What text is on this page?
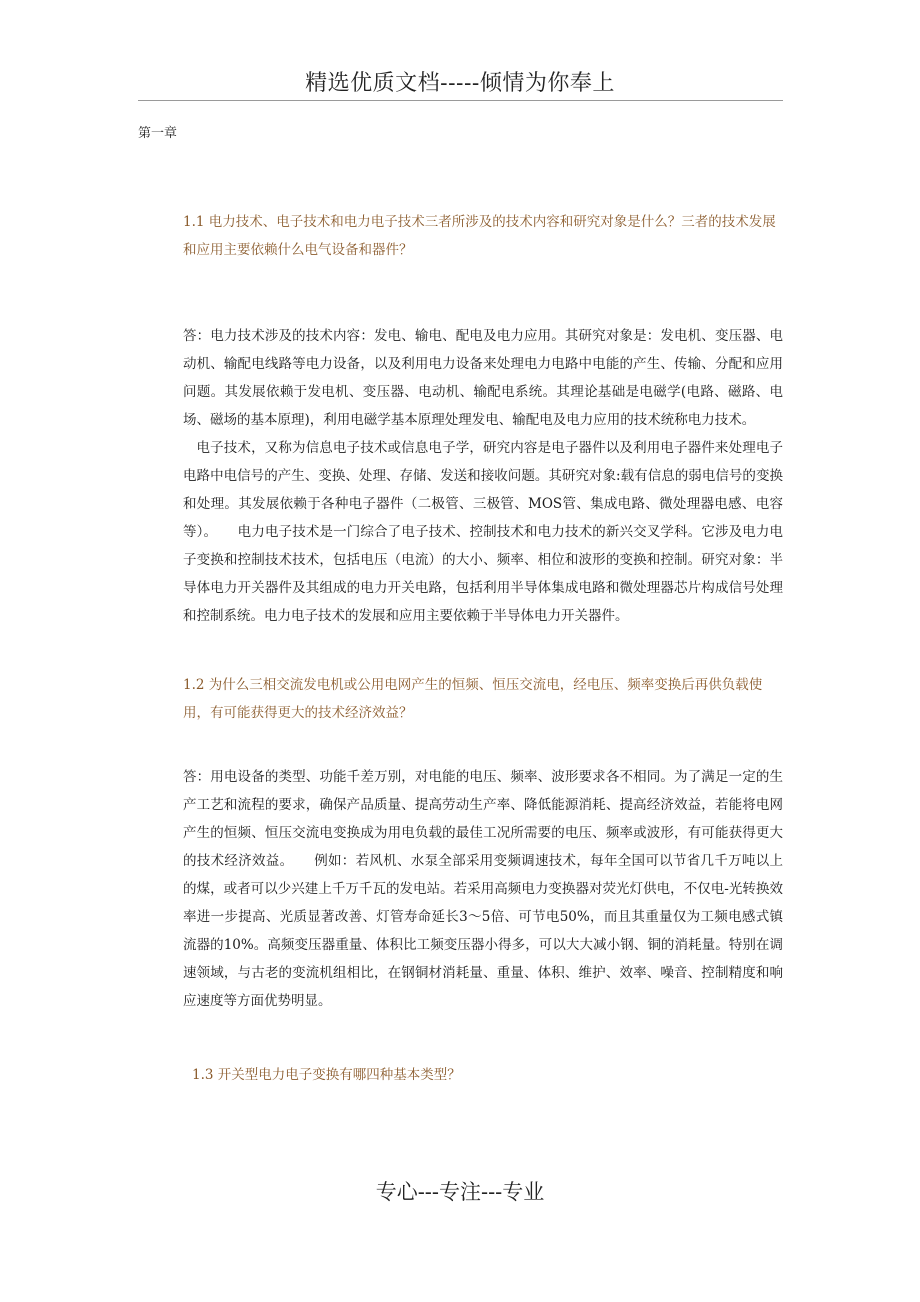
精选优质文档-----倾情为你奉上
第一章
1.1 电力技术、电子技术和电力电子技术三者所涉及的技术内容和研究对象是什么？三者的技术发展和应用主要依赖什么电气设备和器件？

答：电力技术涉及的技术内容：发电、输电、配电及电力应用。其研究对象是：发电机、变压器、电动机、输配电线路等电力设备，以及利用电力设备来处理电力电路中电能的产生、传输、分配和应用问题。其发展依赖于发电机、变压器、电动机、输配电系统。其理论基础是电磁学(电路、磁路、电场、磁场的基本原理)，利用电磁学基本原理处理发电、输配电及电力应用的技术统称电力技术。

电子技术，又称为信息电子技术或信息电子学，研究内容是电子器件以及利用电子器件来处理电子电路中电信号的产生、变换、处理、存储、发送和接收问题。其研究对象:载有信息的弱电信号的变换和处理。其发展依赖于各种电子器件（二极管、三极管、MOS管、集成电路、微处理器电感、电容等）。　　电力电子技术是一门综合了电子技术、控制技术和电力技术的新兴交叉学科。它涉及电力电子变换和控制技术技术，包括电压（电流）的大小、频率、相位和波形的变换和控制。研究对象：半导体电力开关器件及其组成的电力开关电路，包括利用半导体集成电路和微处理器芯片构成信号处理和控制系统。电力电子技术的发展和应用主要依赖于半导体电力开关器件。

1.2 为什么三相交流发电机或公用电网产生的恒频、恒压交流电，经电压、频率变换后再供负载使用，有可能获得更大的技术经济效益？

答：用电设备的类型、功能千差万别，对电能的电压、频率、波形要求各不相同。为了满足一定的生产工艺和流程的要求，确保产品质量、提高劳动生产率、降低能源消耗、提高经济效益，若能将电网产生的恒频、恒压交流电变换成为用电负载的最佳工况所需要的电压、频率或波形，有可能获得更大的技术经济效益。　　例如：若风机、水泵全部采用变频调速技术，每年全国可以节省几千万吨以上的煤，或者可以少兴建上千万千瓦的发电站。若采用高频电力变换器对荧光灯供电，不仅电-光转换效率进一步提高、光质显著改善、灯管寿命延长3～5倍、可节电50%，而且其重量仅为工频电感式镇流器的10%。高频变压器重量、体积比工频变压器小得多，可以大大减小钢、铜的消耗量。特别在调速领域，与古老的变流机组相比，在钢铜材消耗量、重量、体积、维护、效率、噪音、控制精度和响应速度等方面优势明显。

1.3 开关型电力电子变换有哪四种基本类型？
专心---专注---专业
